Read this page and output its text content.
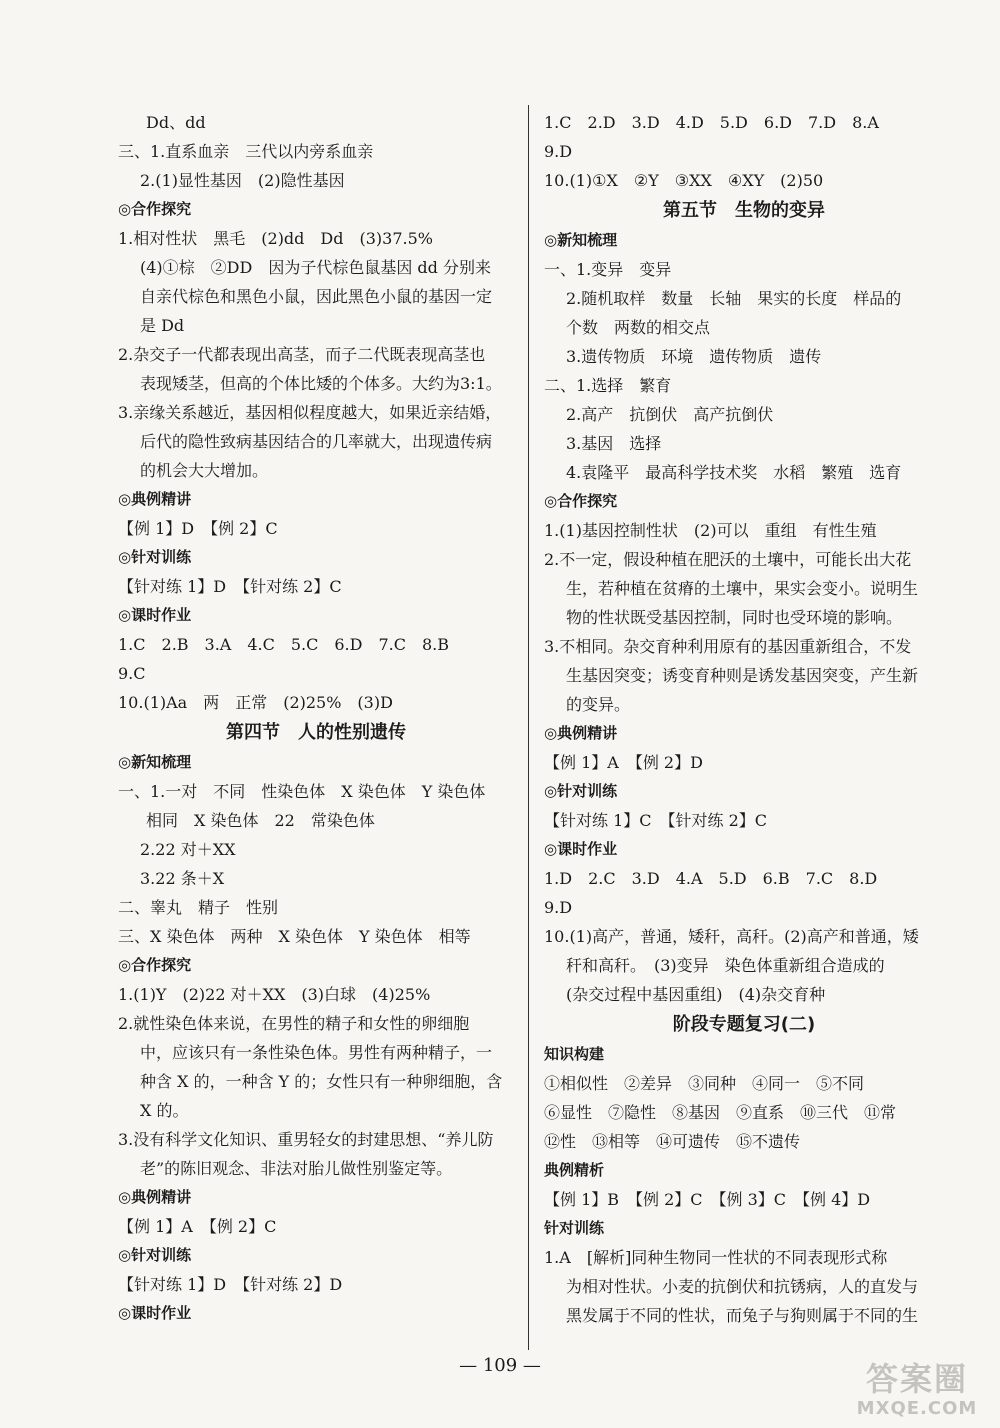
Dd、dd
三、1.直系血亲　三代以内旁系血亲
2.(1)显性基因　(2)隐性基因
◎合作探究
1.相对性状　黑毛　(2)dd　Dd　(3)37.5%
(4)①棕　②DD　因为子代棕色鼠基因 dd 分别来
自亲代棕色和黑色小鼠，因此黑色小鼠的基因一定
是 Dd
2.杂交子一代都表现出高茎，而子二代既表现高茎也
表现矮茎，但高的个体比矮的个体多。大约为3:1。
3.亲缘关系越近，基因相似程度越大，如果近亲结婚，
后代的隐性致病基因结合的几率就大，出现遗传病
的机会大大增加。
◎典例精讲
【例 1】D　【例 2】C
◎针对训练
【针对练 1】D　【针对练 2】C
◎课时作业
1.C　2.B　3.A　4.C　5.C　6.D　7.C　8.B
9.C
10.(1)Aa　两　正常　(2)25%　(3)D
第四节　人的性别遗传
◎新知梳理
一、1.一对　不同　性染色体　X 染色体　Y 染色体
相同　X 染色体　22　常染色体
2.22 对＋XX
3.22 条＋X
二、睾丸　精子　性别
三、X 染色体　两种　X 染色体　Y 染色体　相等
◎合作探究
1.(1)Y　(2)22 对＋XX　(3)白球　(4)25%
2.就性染色体来说，在男性的精子和女性的卵细胞
中，应该只有一条性染色体。男性有两种精子，一
种含 X 的，一种含 Y 的；女性只有一种卵细胞，含
X 的。
3.没有科学文化知识、重男轻女的封建思想、“养儿防
老”的陈旧观念、非法对胎儿做性别鉴定等。
◎典例精讲
【例 1】A　【例 2】C
◎针对训练
【针对练 1】D　【针对练 2】D
◎课时作业
1.C　2.D　3.D　4.D　5.D　6.D　7.D　8.A
9.D
10.(1)①X　②Y　③XX　④XY　(2)50
第五节　生物的变异
◎新知梳理
一、1.变异　变异
2.随机取样　数量　长轴　果实的长度　样品的
个数　两数的相交点
3.遗传物质　环境　遗传物质　遗传
二、1.选择　繁育
2.高产　抗倒伏　高产抗倒伏
3.基因　选择
4.袁隆平　最高科学技术奖　水稻　繁殖　选育
◎合作探究
1.(1)基因控制性状　(2)可以　重组　有性生殖
2.不一定，假设种植在肥沃的土壤中，可能长出大花
生，若种植在贫瘠的土壤中，果实会变小。说明生
物的性状既受基因控制，同时也受环境的影响。
3.不相同。杂交育种利用原有的基因重新组合，不发
生基因突变；诱变育种则是诱发基因突变，产生新
的变异。
◎典例精讲
【例 1】A　【例 2】D
◎针对训练
【针对练 1】C　【针对练 2】C
◎课时作业
1.D　2.C　3.D　4.A　5.D　6.B　7.C　8.D
9.D
10.(1)高产，普通，矮秆，高秆。(2)高产和普通，矮
秆和高秆。　(3)变异　染色体重新组合造成的
(杂交过程中基因重组)　(4)杂交育种
阶段专题复习(二)
知识构建
①相似性　②差异　③同种　④同一　⑤不同
⑥显性　⑦隐性　⑧基因　⑨直系　⑩三代　⑪常
⑫性　⑬相等　⑭可遗传　⑮不遗传
典例精析
【例 1】B　【例 2】C　【例 3】C　【例 4】D
针对训练
1.A　[解析]同种生物同一性状的不同表现形式称
为相对性状。小麦的抗倒伏和抗锈病，人的直发与
黑发属于不同的性状，而兔子与狗则属于不同的生
— 109 —	答案圈
MXQE.COM
